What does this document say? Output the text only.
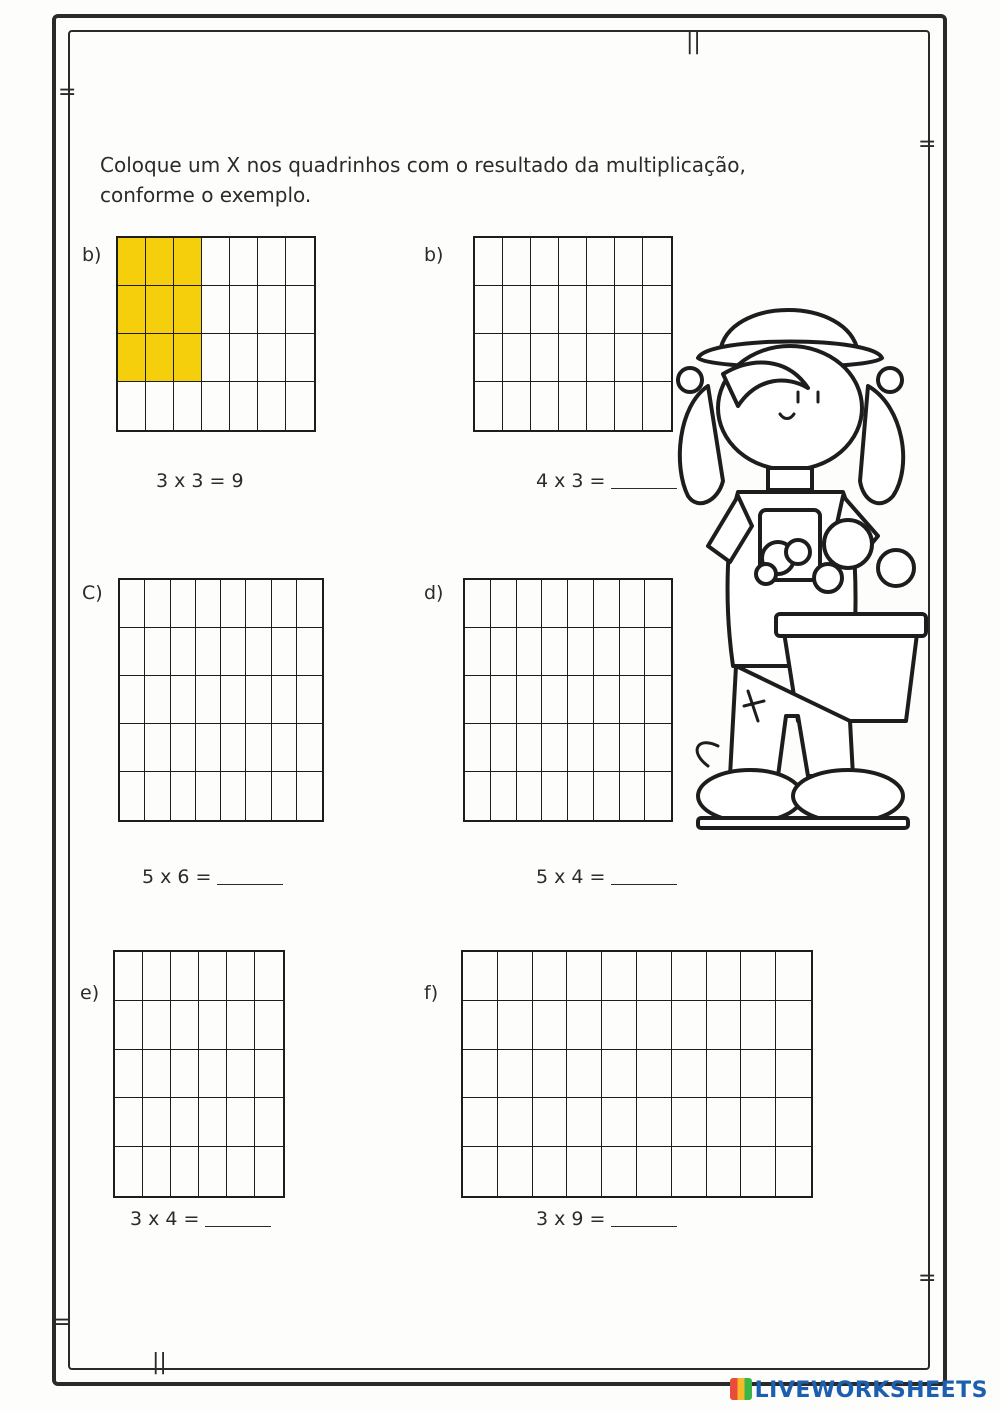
||
=
=
=
=
||
Coloque um X nos quadrinhos com o resultado da multiplicação,
conforme o exemplo.
b)
3 x 3 = 9
b)
4 x 3 =
C)
5 x 6 =
d)
5 x 4 =
e)
3 x 4 =
f)
3 x 9 =
LIVEWORKSHEETS
